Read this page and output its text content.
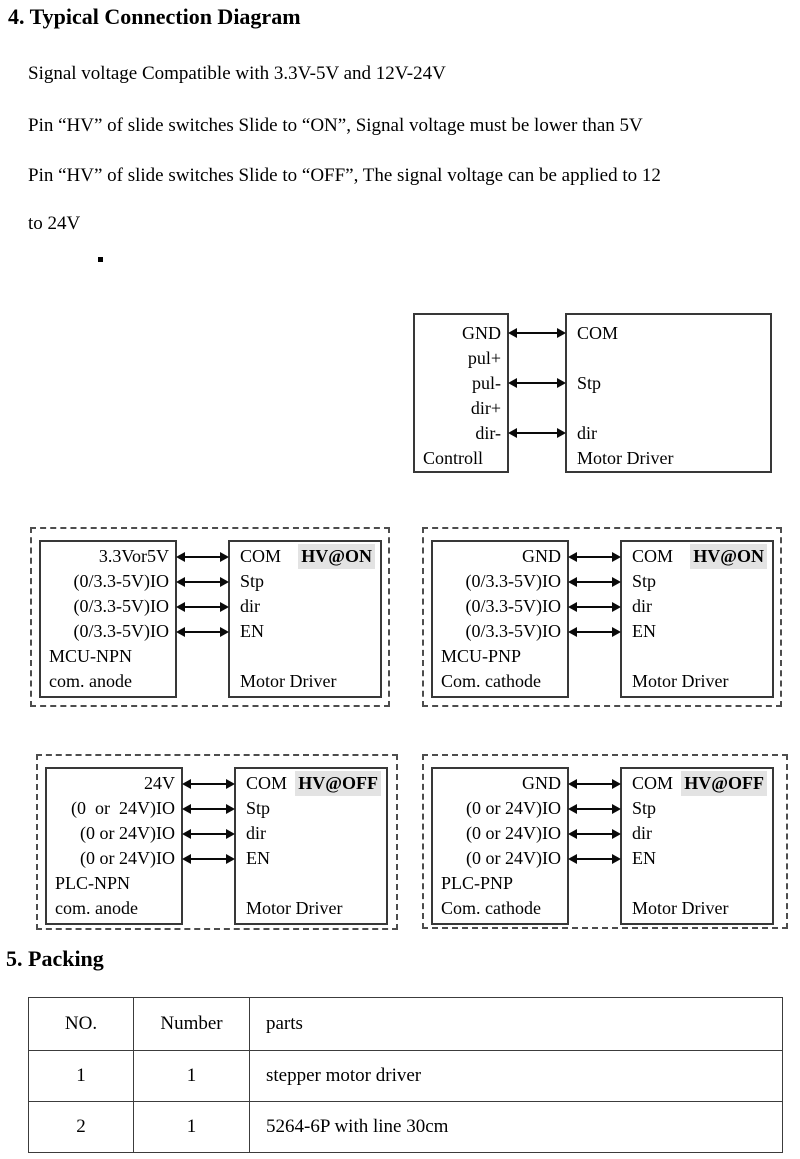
4. Typical Connection Diagram
Signal voltage Compatible with 3.3V-5V and 12V-24V
Pin “HV” of slide switches Slide to “ON”, Signal voltage must be lower than 5V
Pin “HV” of slide switches Slide to “OFF”, The signal voltage can be applied to 12
to 24V
GND
pul+
pul-
dir+
dir-
Controll
COM
Stp
dir
Motor Driver
3.3Vor5V
(0/3.3-5V)IO
(0/3.3-5V)IO
(0/3.3-5V)IO
MCU-NPN
com. anode
COM HV@ON
Stp
dir
EN
Motor Driver
GND
(0/3.3-5V)IO
(0/3.3-5V)IO
(0/3.3-5V)IO
MCU-PNP
Com. cathode
COM HV@ON
Stp
dir
EN
Motor Driver
24V
(0  or  24V)IO
(0 or 24V)IO
(0 or 24V)IO
PLC-NPN
com. anode
COM HV@OFF
Stp
dir
EN
Motor Driver
GND
(0 or 24V)IO
(0 or 24V)IO
(0 or 24V)IO
PLC-PNP
Com. cathode
COM HV@OFF
Stp
dir
EN
Motor Driver
5. Packing
NO.	Number	parts
1	1	stepper motor driver
2	1	5264-6P with line 30cm
